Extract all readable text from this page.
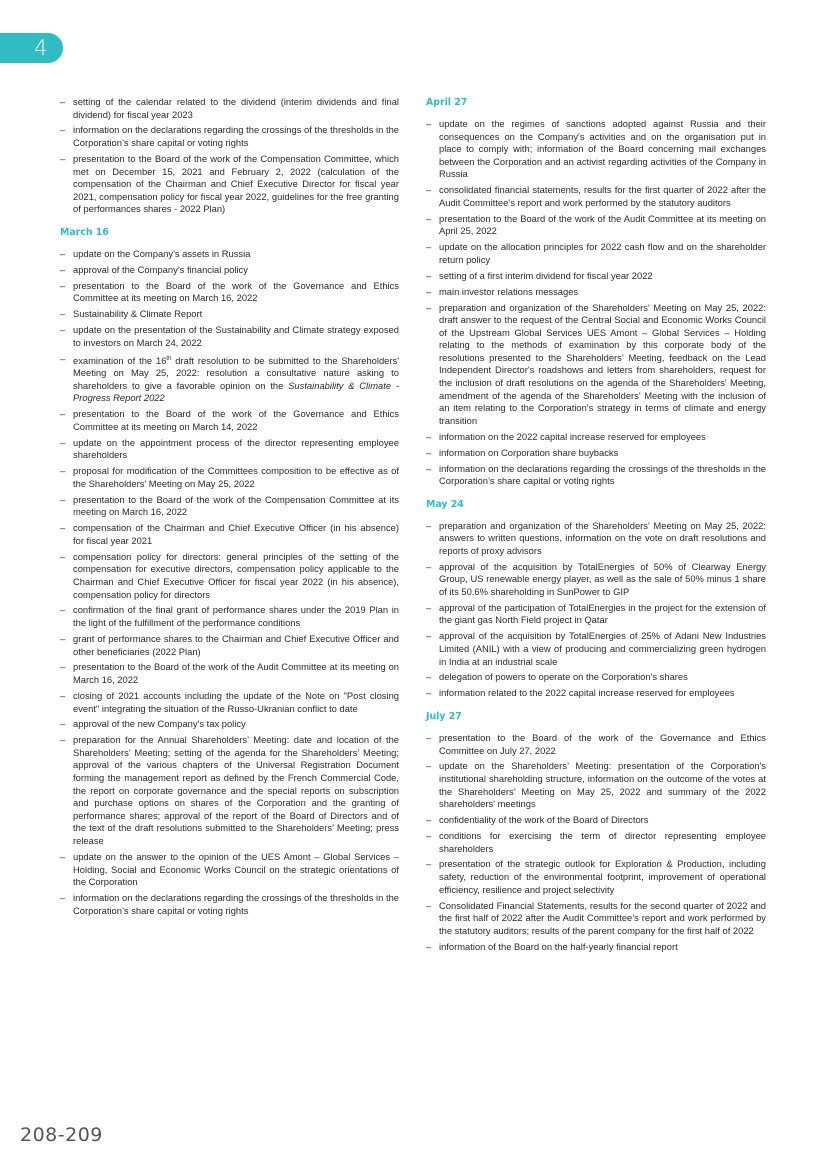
4
– setting of the calendar related to the dividend (interim dividends and final dividend) for fiscal year 2023
– information on the declarations regarding the crossings of the thresholds in the Corporation’s share capital or voting rights
– presentation to the Board of the work of the Compensation Committee, which met on December 15, 2021 and February 2, 2022 (calculation of the compensation of the Chairman and Chief Executive Director for fiscal year 2021, compensation policy for fiscal year 2022, guidelines for the free granting of performances shares - 2022 Plan)
March 16
– update on the Company's assets in Russia
– approval of the Company’s financial policy
– presentation to the Board of the work of the Governance and Ethics Committee at its meeting on March 16, 2022
– Sustainability & Climate Report
– update on the presentation of the Sustainability and Climate strategy exposed to investors on March 24, 2022
– examination of the 16th draft resolution to be submitted to the Shareholders' Meeting on May 25, 2022: resolution a consultative nature asking to shareholders to give a favorable opinion on the Sustainability & Climate - Progress Report 2022
– presentation to the Board of the work of the Governance and Ethics Committee at its meeting on March 14, 2022
– update on the appointment process of the director representing employee shareholders
– proposal for modification of the Committees composition to be effective as of the Shareholders' Meeting on May 25, 2022
– presentation to the Board of the work of the Compensation Committee at its meeting on March 16, 2022
– compensation of the Chairman and Chief Executive Officer (in his absence) for fiscal year 2021
– compensation policy for directors: general principles of the setting of the compensation for executive directors, compensation policy applicable to the Chairman and Chief Executive Officer for fiscal year 2022 (in his absence), compensation policy for directors
– confirmation of the final grant of performance shares under the 2019 Plan in the light of the fulfillment of the performance conditions
– grant of performance shares to the Chairman and Chief Executive Officer and other beneficiaries (2022 Plan)
– presentation to the Board of the work of the Audit Committee at its meeting on March 16, 2022
– closing of 2021 accounts including the update of the Note on "Post closing event" integrating the situation of the Russo-Ukranian conflict to date
– approval of the new Company's tax policy
– preparation for the Annual Shareholders’ Meeting: date and location of the Shareholders’ Meeting; setting of the agenda for the Shareholders’ Meeting; approval of the various chapters of the Universal Registration Document forming the management report as defined by the French Commercial Code, the report on corporate governance and the special reports on subscription and purchase options on shares of the Corporation and the granting of performance shares; approval of the report of the Board of Directors and of the text of the draft resolutions submitted to the Shareholders’ Meeting; press release
– update on the answer to the opinion of the UES Amont – Global Services – Holding, Social and Economic Works Council on the strategic orientations of the Corporation
– information on the declarations regarding the crossings of the thresholds in the Corporation’s share capital or voting rights
April 27
– update on the regimes of sanctions adopted against Russia and their consequences on the Company's activities and on the organisation put in place to comply with; information of the Board concerning mail exchanges between the Corporation and an activist regarding activities of the Company in Russia
– consolidated financial statements, results for the first quarter of 2022 after the Audit Committee’s report and work performed by the statutory auditors
– presentation to the Board of the work of the Audit Committee at its meeting on April 25, 2022
– update on the allocation principles for 2022 cash flow and on the shareholder return policy
– setting of a first interim dividend for fiscal year 2022
– main investor relations messages
– preparation and organization of the Shareholders' Meeting on May 25, 2022: draft answer to the request of the Central Social and Economic Works Council of the Upstream Global Services UES Amont – Global Services – Holding relating to the methods of examination by this corporate body of the resolutions presented to the Shareholders' Meeting, feedback on the Lead Independent Director's roadshows and letters from shareholders, request for the inclusion of draft resolutions on the agenda of the Shareholders' Meeting, amendment of the agenda of the Shareholders' Meeting with the inclusion of an item relating to the Corporation's strategy in terms of climate and energy transition
– information on the 2022 capital increase reserved for employees
– information on Corporation share buybacks
– information on the declarations regarding the crossings of the thresholds in the Corporation’s share capital or voting rights
May 24
– preparation and organization of the Shareholders' Meeting on May 25, 2022: answers to written questions, information on the vote on draft resolutions and reports of proxy advisors
– approval of the acquisition by TotalEnergies of 50% of Clearway Energy Group, US renewable energy player, as well as the sale of 50% minus 1 share of its 50.6% shareholding in SunPower to GIP
– approval of the participation of TotalEnergies in the project for the extension of the giant gas North Field project in Qatar
– approval of the acquisition by TotalEnergies of 25% of Adani New Industries Limited (ANIL) with a view of producing and commercializing green hydrogen in India at an industrial scale
– delegation of powers to operate on the Corporation's shares
– information related to the 2022 capital increase reserved for employees
July 27
– presentation to the Board of the work of the Governance and Ethics Committee on July 27, 2022
– update on the Shareholders’ Meeting: presentation of the Corporation's institutional shareholding structure, information on the outcome of the votes at the Shareholders’ Meeting on May 25, 2022 and summary of the 2022 shareholders' meetings
– confidentiality of the work of the Board of Directors
– conditions for exercising the term of director representing employee shareholders
– presentation of the strategic outlook for Exploration & Production, including safety, reduction of the environmental footprint, improvement of operational efficiency, resilience and project selectivity
– Consolidated Financial Statements, results for the second quarter of 2022 and the first half of 2022 after the Audit Committee’s report and work performed by the statutory auditors; results of the parent company for the first half of 2022
– information of the Board on the half-yearly financial report
208-209
